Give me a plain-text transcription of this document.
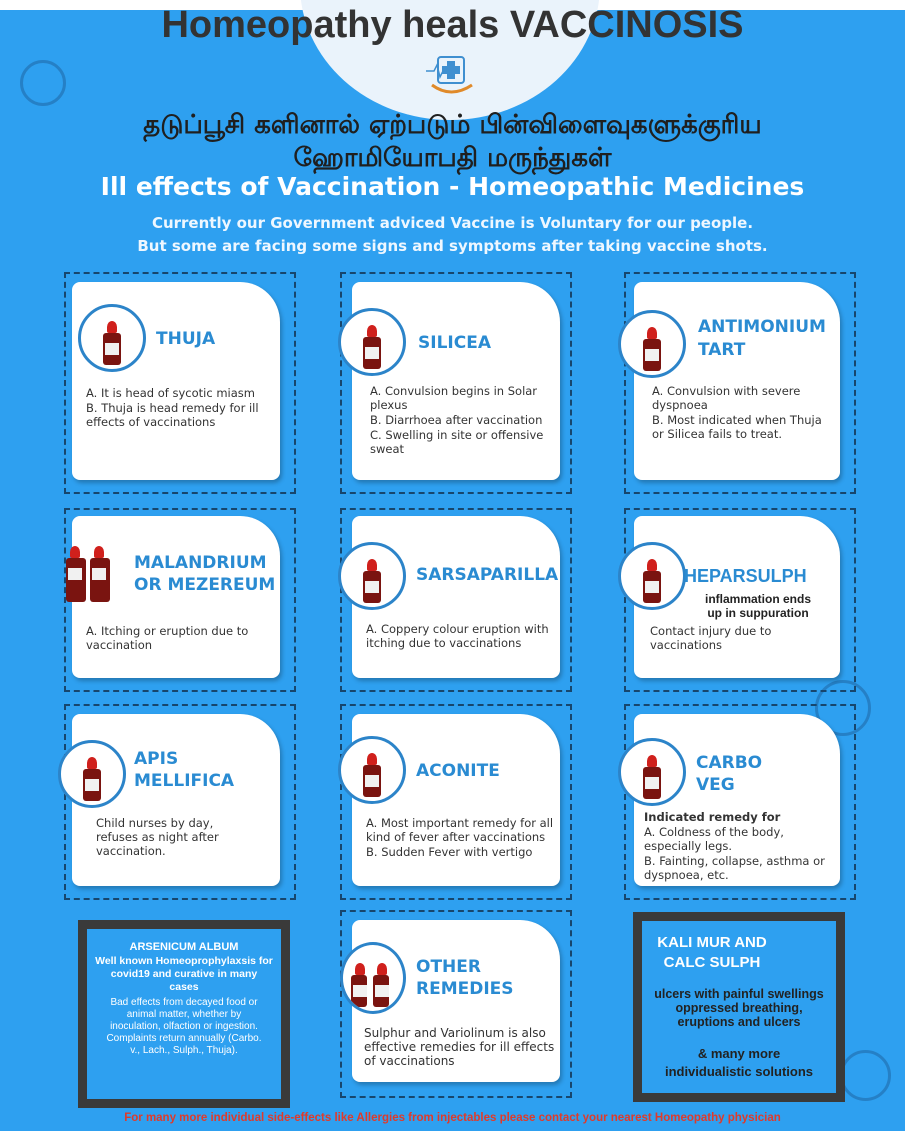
Homeopathy heals VACCINOSIS
தடுப்பூசி களினால் ஏற்படும் பின்விளைவுகளுக்குரிய
ஹோமியோபதி மருந்துகள்
Ill effects of Vaccination - Homeopathic Medicines
Currently our Government adviced Vaccine is Voluntary for our people.
But some are facing some signs and symptoms after taking vaccine shots.
THUJA
A. It is head of sycotic miasm
B. Thuja is head remedy for ill effects of vaccinations
SILICEA
A. Convulsion begins in Solar plexus
B. Diarrhoea after vaccination
C. Swelling in site or offensive sweat
ANTIMONIUM
TART
A. Convulsion with severe dyspnoea
B. Most indicated when Thuja or Silicea fails to treat.
MALANDRIUM
OR MEZEREUM
A. Itching or eruption due to vaccination
SARSAPARILLA
A. Coppery colour eruption with itching due to vaccinations
HEPARSULPH
inflammation ends
up in suppuration
Contact injury due to vaccinations
APIS
MELLIFICA
Child nurses by day, refuses as night after vaccination.
ACONITE
A. Most important remedy for all kind of fever after vaccinations
B. Sudden Fever with vertigo
CARBO
VEG
Indicated remedy for
A. Coldness of the body, especially legs.
B. Fainting, collapse, asthma or dyspnoea, etc.
ARSENICUM ALBUM
Well known Homeoprophylaxsis for covid19 and curative in many cases
Bad effects from decayed food or animal matter, whether by inoculation, olfaction or ingestion. Complaints return annually (Carbo. v., Lach., Sulph., Thuja).
OTHER
REMEDIES
Sulphur and Variolinum is also effective remedies for ill effects of vaccinations
KALI MUR AND
CALC SULPH
ulcers with painful swellings
oppressed breathing,
eruptions and ulcers
& many more
individualistic solutions
For many more individual side-effects like Allergies from injectables please contact your nearest Homeopathy physician
